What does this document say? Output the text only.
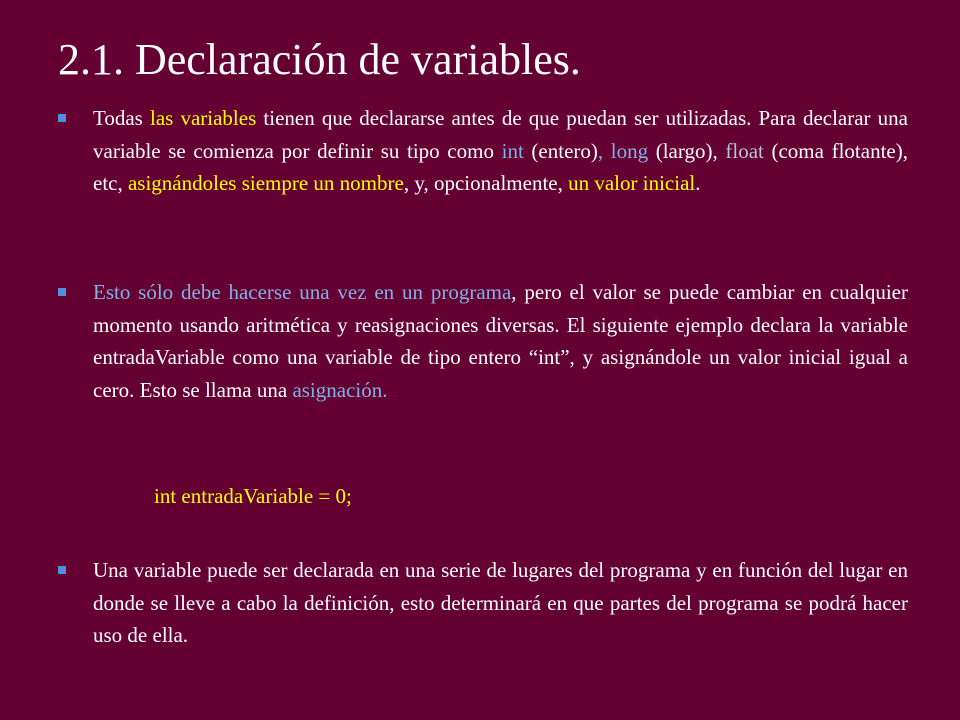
2.1. Declaración de variables.
Todas las variables tienen que declararse antes de que puedan ser utilizadas. Para declarar una variable se comienza por definir su tipo como int (entero), long (largo), float (coma flotante), etc, asignándoles siempre un nombre, y, opcionalmente, un valor inicial.
Esto sólo debe hacerse una vez en un programa, pero el valor se puede cambiar en cualquier momento usando aritmética y reasignaciones diversas. El siguiente ejemplo declara la variable entradaVariable como una variable de tipo entero “int”, y asignándole un valor inicial igual a cero. Esto se llama una asignación.
int entradaVariable = 0;
Una variable puede ser declarada en una serie de lugares del programa y en función del lugar en donde se lleve a cabo la definición, esto determinará en que partes del programa se podrá hacer uso de ella.
